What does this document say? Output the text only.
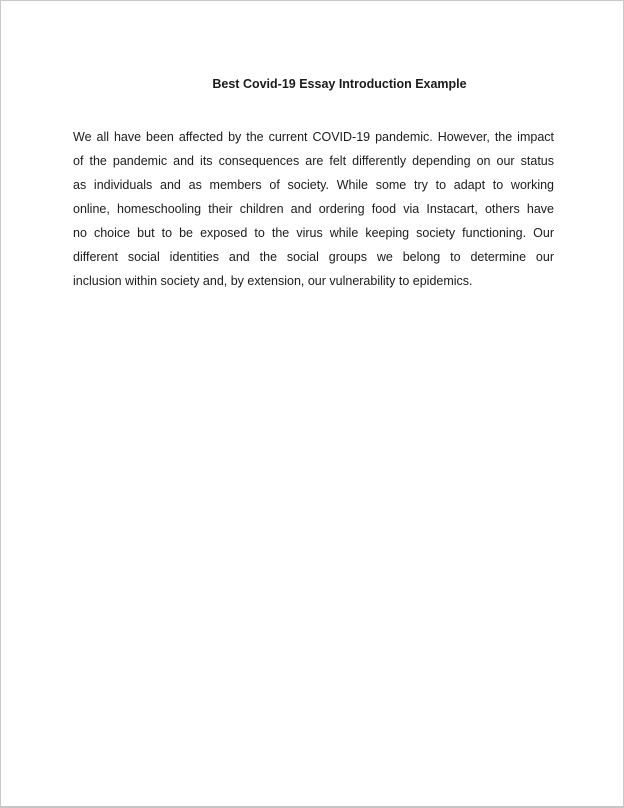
Best Covid-19 Essay Introduction Example
We all have been affected by the current COVID-19 pandemic. However, the impact
of the pandemic and its consequences are felt differently depending on our status
as individuals and as members of society. While some try to adapt to working
online, homeschooling their children and ordering food via Instacart, others have
no choice but to be exposed to the virus while keeping society functioning. Our
different social identities and the social groups we belong to determine our
inclusion within society and, by extension, our vulnerability to epidemics.
